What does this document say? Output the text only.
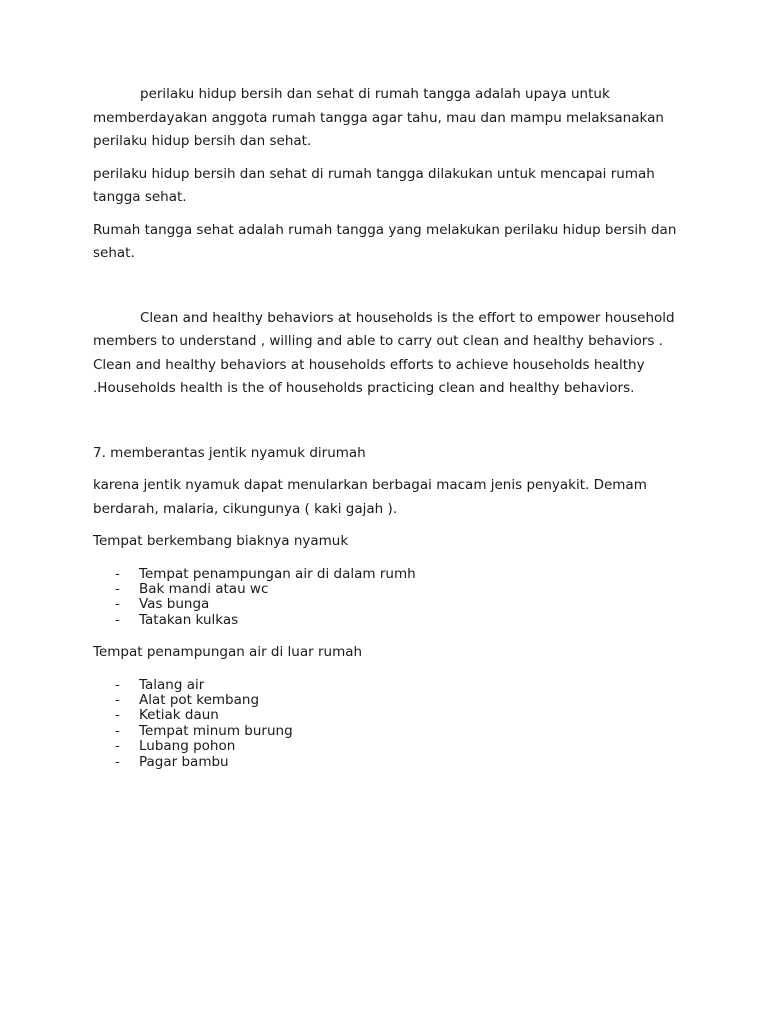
perilaku hidup bersih dan sehat di rumah tangga adalah upaya untuk memberdayakan anggota rumah tangga agar tahu, mau dan mampu melaksanakan perilaku hidup bersih dan sehat.

perilaku hidup bersih dan sehat di rumah tangga dilakukan untuk mencapai rumah tangga sehat.

Rumah tangga sehat adalah rumah tangga yang melakukan perilaku hidup bersih dan sehat.

Clean and healthy behaviors at households is the effort to empower household members to understand , willing and able to carry out clean and healthy behaviors . Clean and healthy behaviors at households efforts to achieve households healthy .Households health is the of households practicing clean and healthy behaviors.

7. memberantas jentik nyamuk dirumah

karena jentik nyamuk dapat menularkan berbagai macam jenis penyakit. Demam berdarah, malaria, cikungunya ( kaki gajah ).

Tempat berkembang biaknya nyamuk

- Tempat penampungan air di dalam rumh
- Bak mandi atau wc
- Vas bunga
- Tatakan kulkas

Tempat penampungan air di luar rumah

- Talang air
- Alat pot kembang
- Ketiak daun
- Tempat minum burung
- Lubang pohon
- Pagar bambu
